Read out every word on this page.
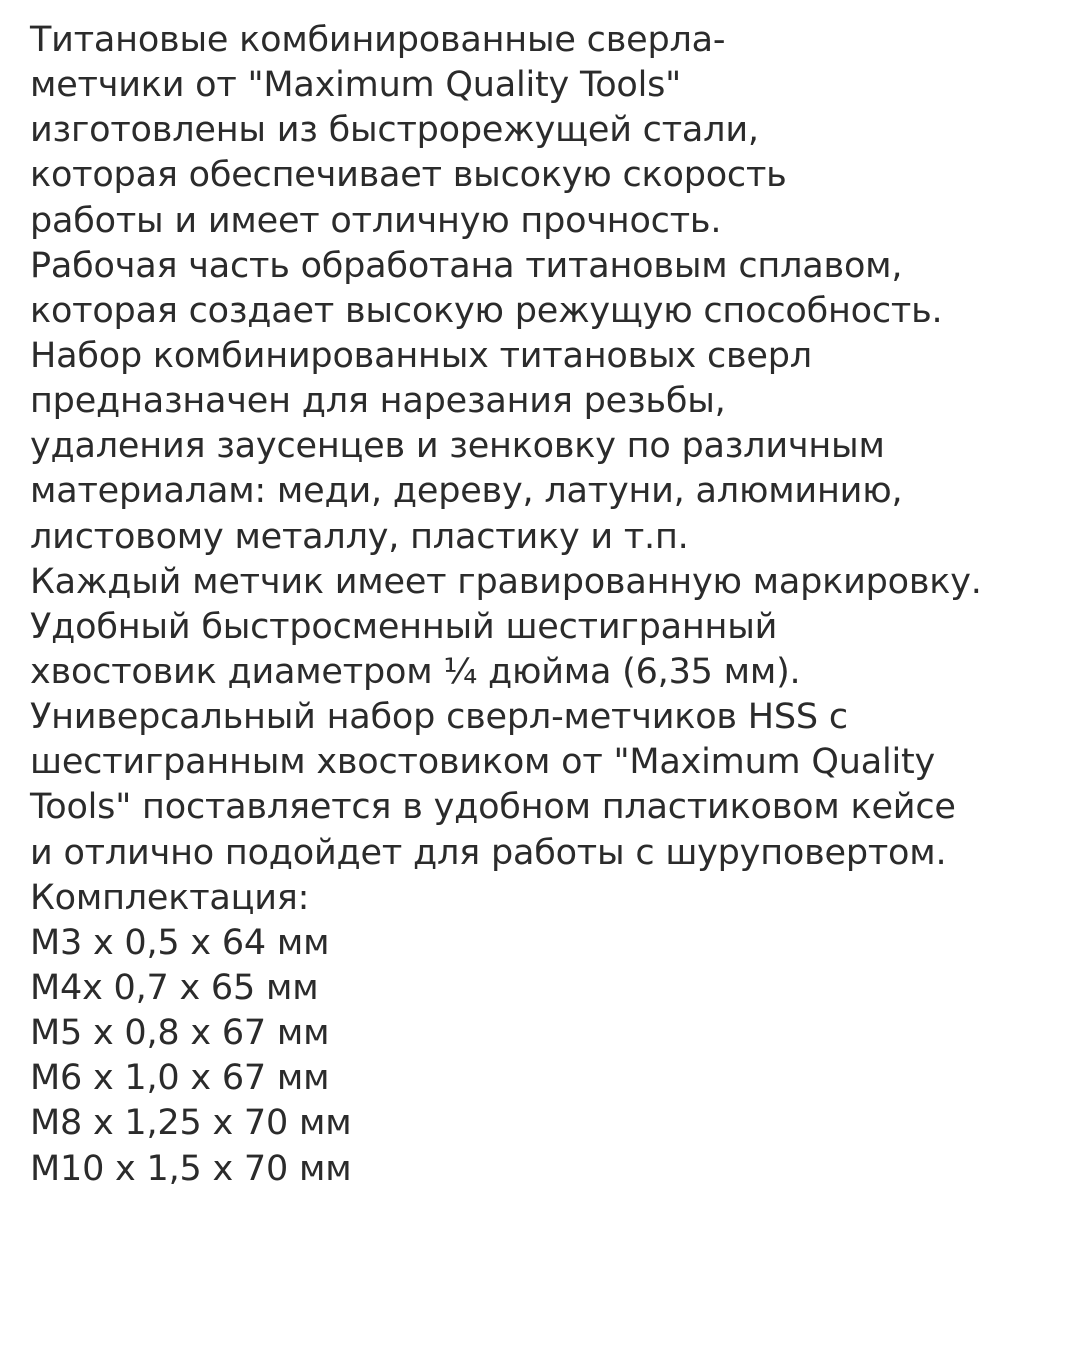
Титановые комбинированные сверла-метчики от "Maximum Quality Tools" изготовлены из быстрорежущей стали, которая обеспечивает высокую скорость работы и имеет отличную прочность.

Рабочая часть обработана титановым сплавом, которая создает высокую режущую способность.

Набор комбинированных титановых сверл предназначен для нарезания резьбы, удаления заусенцев и зенковку по различным материалам: меди, дереву, латуни, алюминию, листовому металлу, пластику и т.п.

Каждый метчик имеет гравированную маркировку.

Удобный быстросменный шестигранный хвостовик диаметром ¼ дюйма (6,35 мм).

Универсальный набор сверл-метчиков HSS с шестигранным хвостовиком от "Maximum Quality Tools" поставляется в удобном пластиковом кейсе и отлично подойдет для работы с шуруповертом.

Комплектация:

M3 x 0,5 x 64 мм
M4x 0,7 x 65 мм
M5 x 0,8 x 67 мм
M6 x 1,0 x 67 мм
M8 x 1,25 x 70 мм
M10 x 1,5 x 70 мм
